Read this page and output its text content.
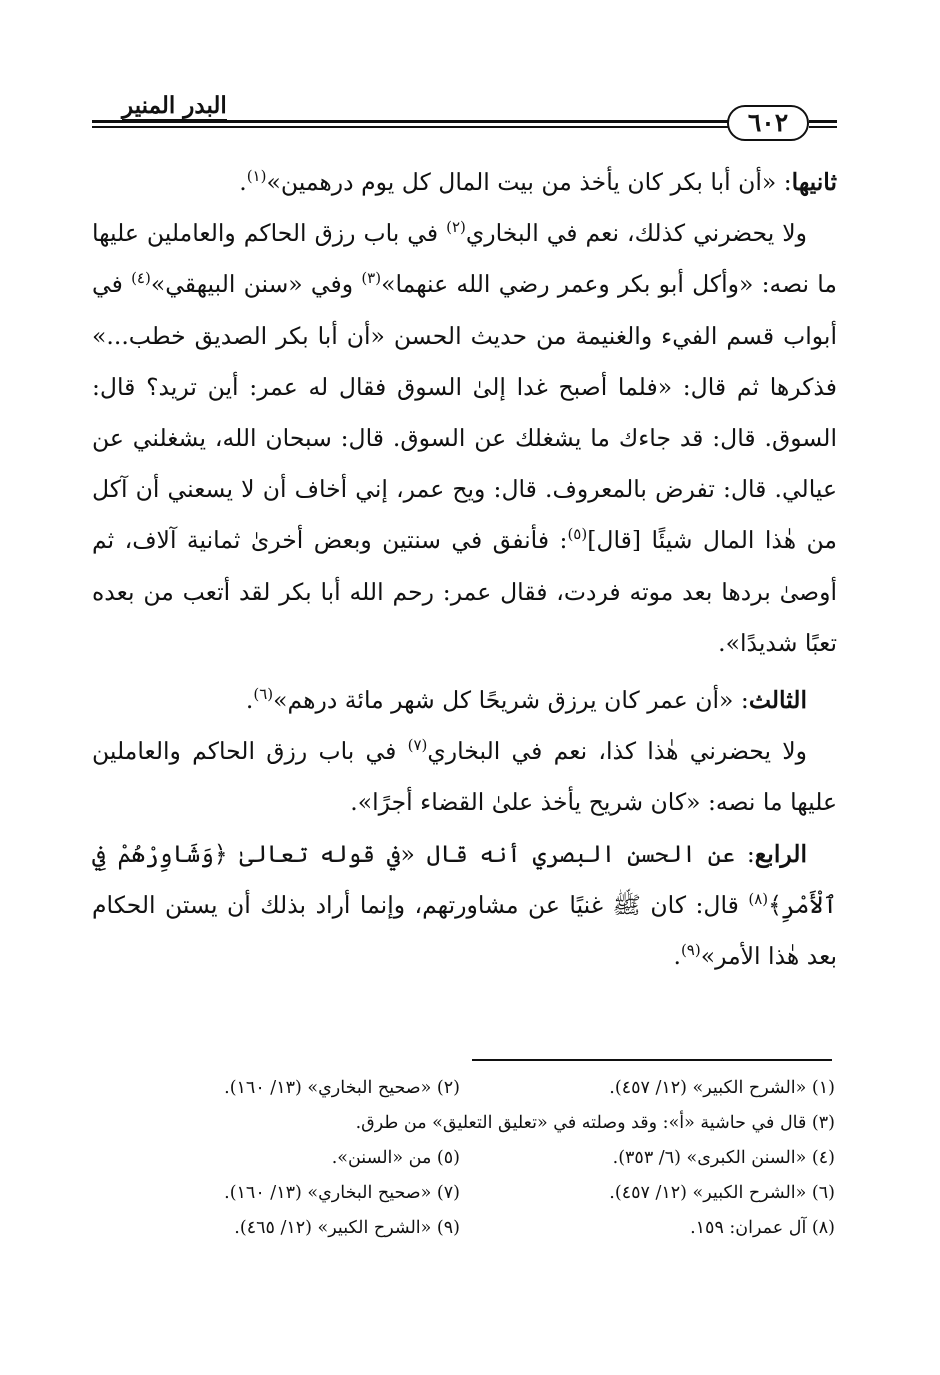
٦٠٢
البدر المنير

ثانيها: «أن أبا بكر كان يأخذ من بيت المال كل يوم درهمين»$^{(١)}$.

ولا يحضرني كذلك، نعم في البخاري$^{(٢)}$ في باب رزق الحاكم والعاملين عليها ما نصه: «وأكل أبو بكر وعمر رضي الله عنهما»$^{(٣)}$ وفي «سنن البيهقي»$^{(٤)}$ في أبواب قسم الفيء والغنيمة من حديث الحسن «أن أبا بكر الصديق خطب...» فذكرها ثم قال: «فلما أصبح غدا إلىٰ السوق فقال له عمر: أين تريد؟ قال: السوق. قال: قد جاءك ما يشغلك عن السوق. قال: سبحان الله، يشغلني عن عيالي. قال: تفرض بالمعروف. قال: ويح عمر، إني أخاف أن لا يسعني أن آكل من هٰذا المال شيئًا [قال]$^{(٥)}$: فأنفق في سنتين وبعض أخرىٰ ثمانية آلاف، ثم أوصىٰ بردها بعد موته فردت، فقال عمر: رحم الله أبا بكر لقد أتعب من بعده تعبًا شديدًا».

الثالث: «أن عمر كان يرزق شريحًا كل شهر مائة درهم»$^{(٦)}$.

ولا يحضرني هٰذا كذا، نعم في البخاري$^{(٧)}$ في باب رزق الحاكم والعاملين عليها ما نصه: «كان شريح يأخذ علىٰ القضاء أجرًا».

الرابع: عن الحسن البصري أنه قال «في قوله تعالىٰ ﴿وَشَاوِرْهُمْ فِي ٱلْأَمْرِ﴾$^{(٨)}$ قال: كان ﷺ غنيًا عن مشاورتهم، وإنما أراد بذلك أن يستن الحكام بعد هٰذا الأمر»$^{(٩)}$.

(١) «الشرح الكبير» (١٢/ ٤٥٧).
(٢) «صحيح البخاري» (١٣/ ١٦٠).
(٣) قال في حاشية «أ»: وقد وصلته في «تعليق التعليق» من طرق.
(٤) «السنن الكبرى» (٦/ ٣٥٣).
(٥) من «السنن».
(٦) «الشرح الكبير» (١٢/ ٤٥٧).
(٧) «صحيح البخاري» (١٣/ ١٦٠).
(٨) آل عمران: ١٥٩.
(٩) «الشرح الكبير» (١٢/ ٤٦٥).
